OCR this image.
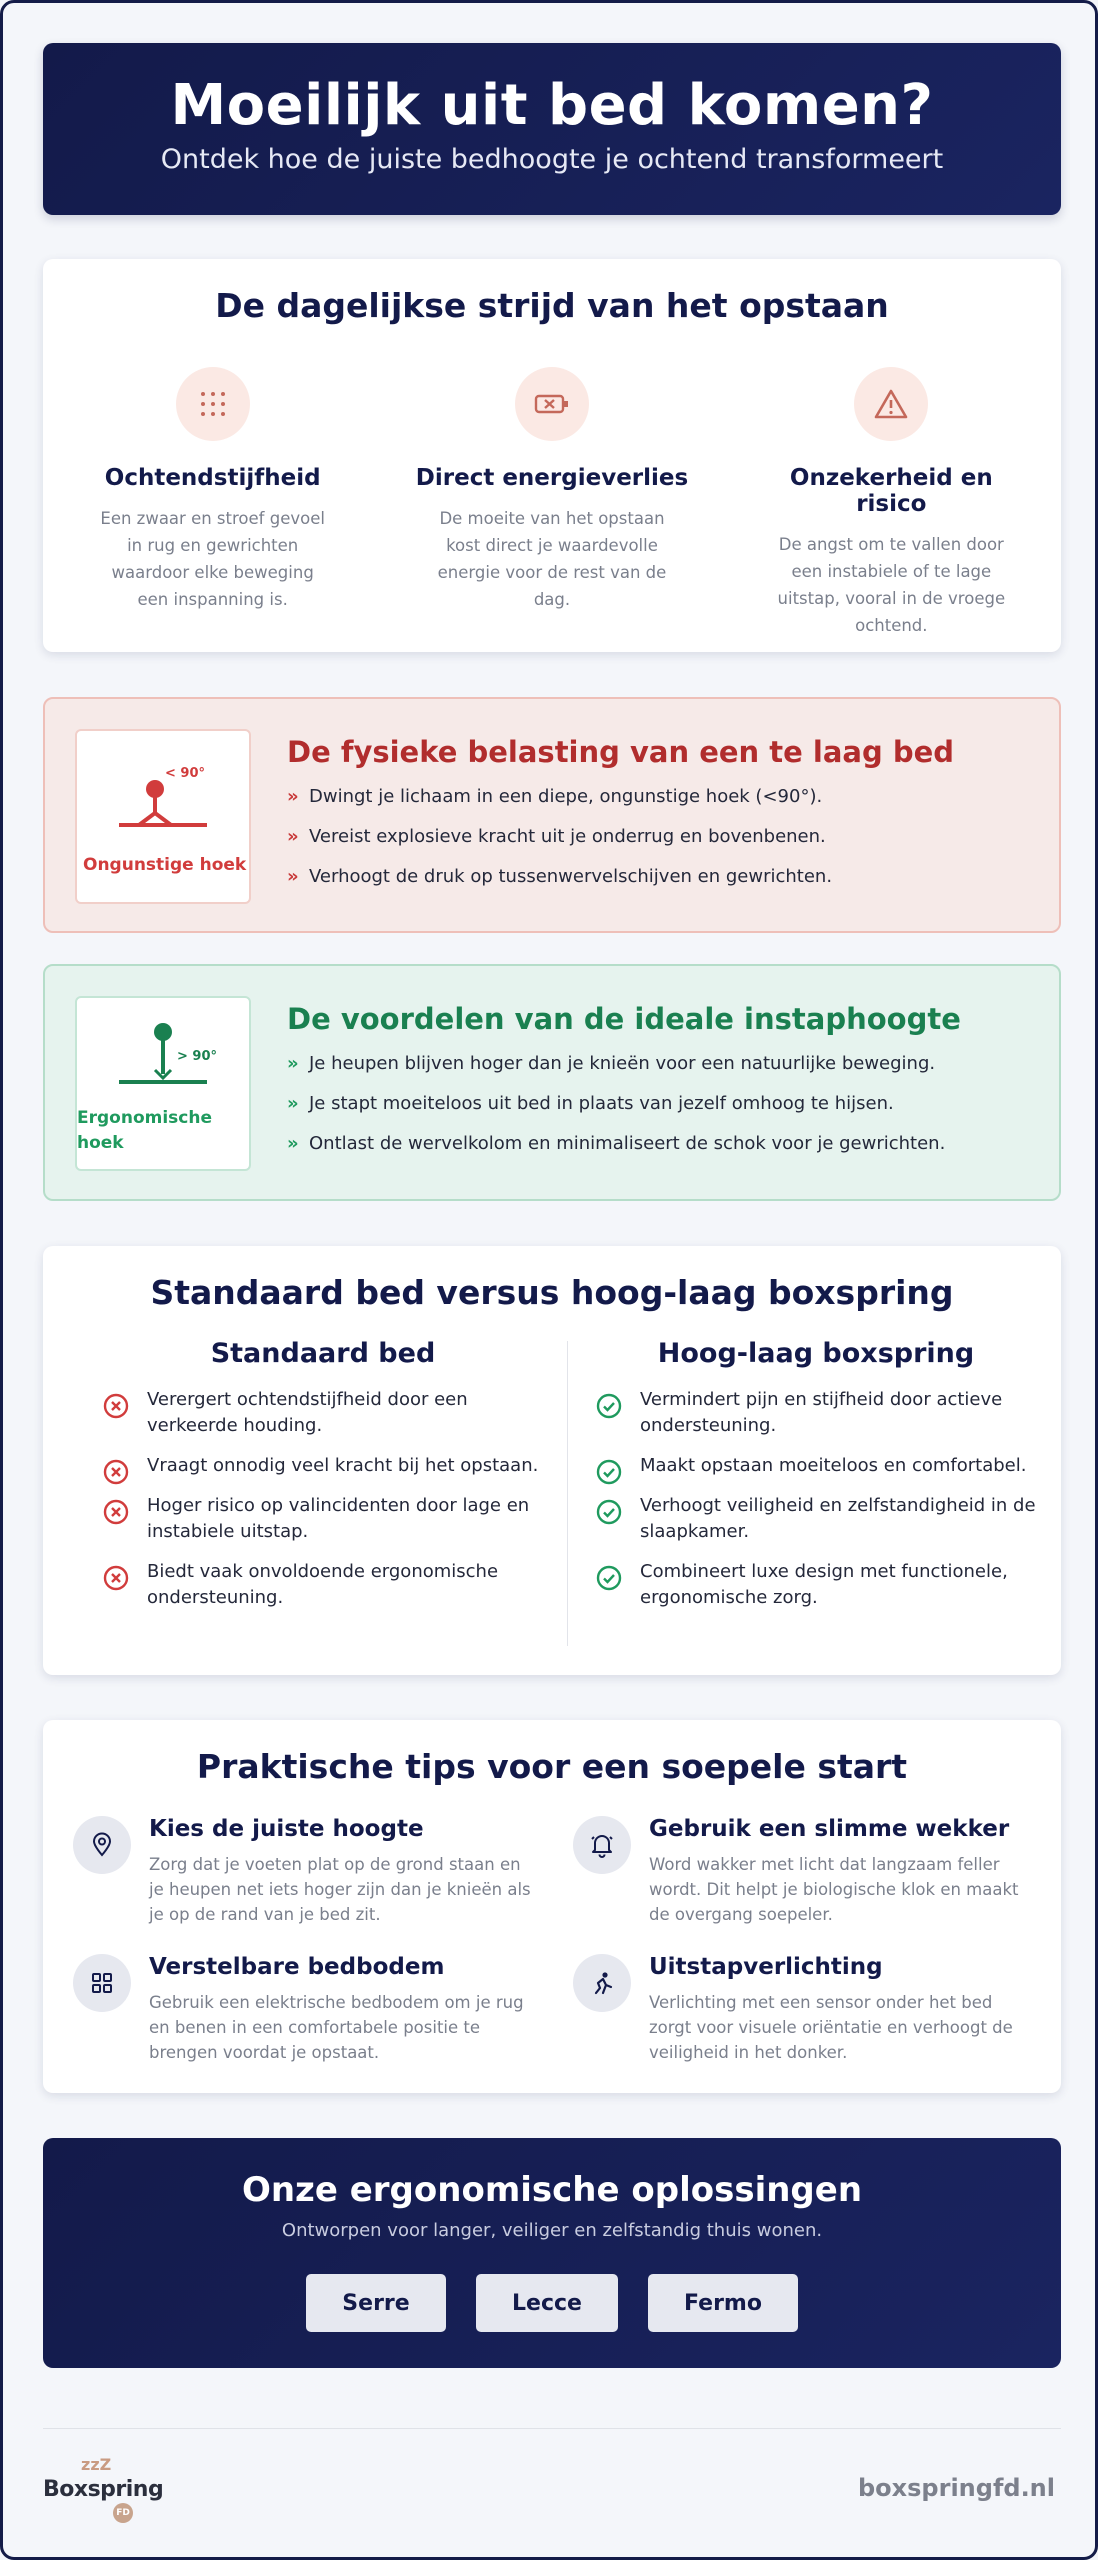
Moeilijk uit bed komen?

Ontdek hoe de juiste bedhoogte je ochtend transformeert

De dagelijkse strijd van het opstaan
Ochtendstijfheid

Een zwaar en stroef gevoel in rug en gewrichten waardoor elke beweging een inspanning is.

Direct energieverlies

De moeite van het opstaan kost direct je waardevolle energie voor de rest van de dag.

Onzekerheid en risico

De angst om te vallen door een instabiele of te lage uitstap, vooral in de vroege ochtend.

< 90°
Ongunstige hoek
De fysieke belasting van een te laag bed
» Dwingt je lichaam in een diepe, ongunstige hoek (<90°).
» Vereist explosieve kracht uit je onderrug en bovenbenen.
» Verhoogt de druk op tussenwervelschijven en gewrichten.
> 90°
Ergonomische hoek
De voordelen van de ideale instaphoogte
» Je heupen blijven hoger dan je knieën voor een natuurlijke beweging.
» Je stapt moeiteloos uit bed in plaats van jezelf omhoog te hijsen.
» Ontlast de wervelkolom en minimaliseert de schok voor je gewrichten.
Standaard bed versus hoog-laag boxspring
Standaard bed
Verergert ochtendstijfheid door een verkeerde houding.
Vraagt onnodig veel kracht bij het opstaan.
Hoger risico op valincidenten door lage en instabiele uitstap.
Biedt vaak onvoldoende ergonomische ondersteuning.
Hoog-laag boxspring
Vermindert pijn en stijfheid door actieve ondersteuning.
Maakt opstaan moeiteloos en comfortabel.
Verhoogt veiligheid en zelfstandigheid in de slaapkamer.
Combineert luxe design met functionele, ergonomische zorg.
Praktische tips voor een soepele start
Kies de juiste hoogte

Zorg dat je voeten plat op de grond staan en je heupen net iets hoger zijn dan je knieën als je op de rand van je bed zit.

Gebruik een slimme wekker

Word wakker met licht dat langzaam feller wordt. Dit helpt je biologische klok en maakt de overgang soepeler.

Verstelbare bedbodem

Gebruik een elektrische bedbodem om je rug en benen in een comfortabele positie te brengen voordat je opstaat.

Uitstapverlichting

Verlichting met een sensor onder het bed zorgt voor visuele oriëntatie en verhoogt de veiligheid in het donker.

Onze ergonomische oplossingen

Ontworpen voor langer, veiliger en zelfstandig thuis wonen.

Serre	Lecce	Fermo
zzZ
Boxspring
FD
boxspringfd.nl
